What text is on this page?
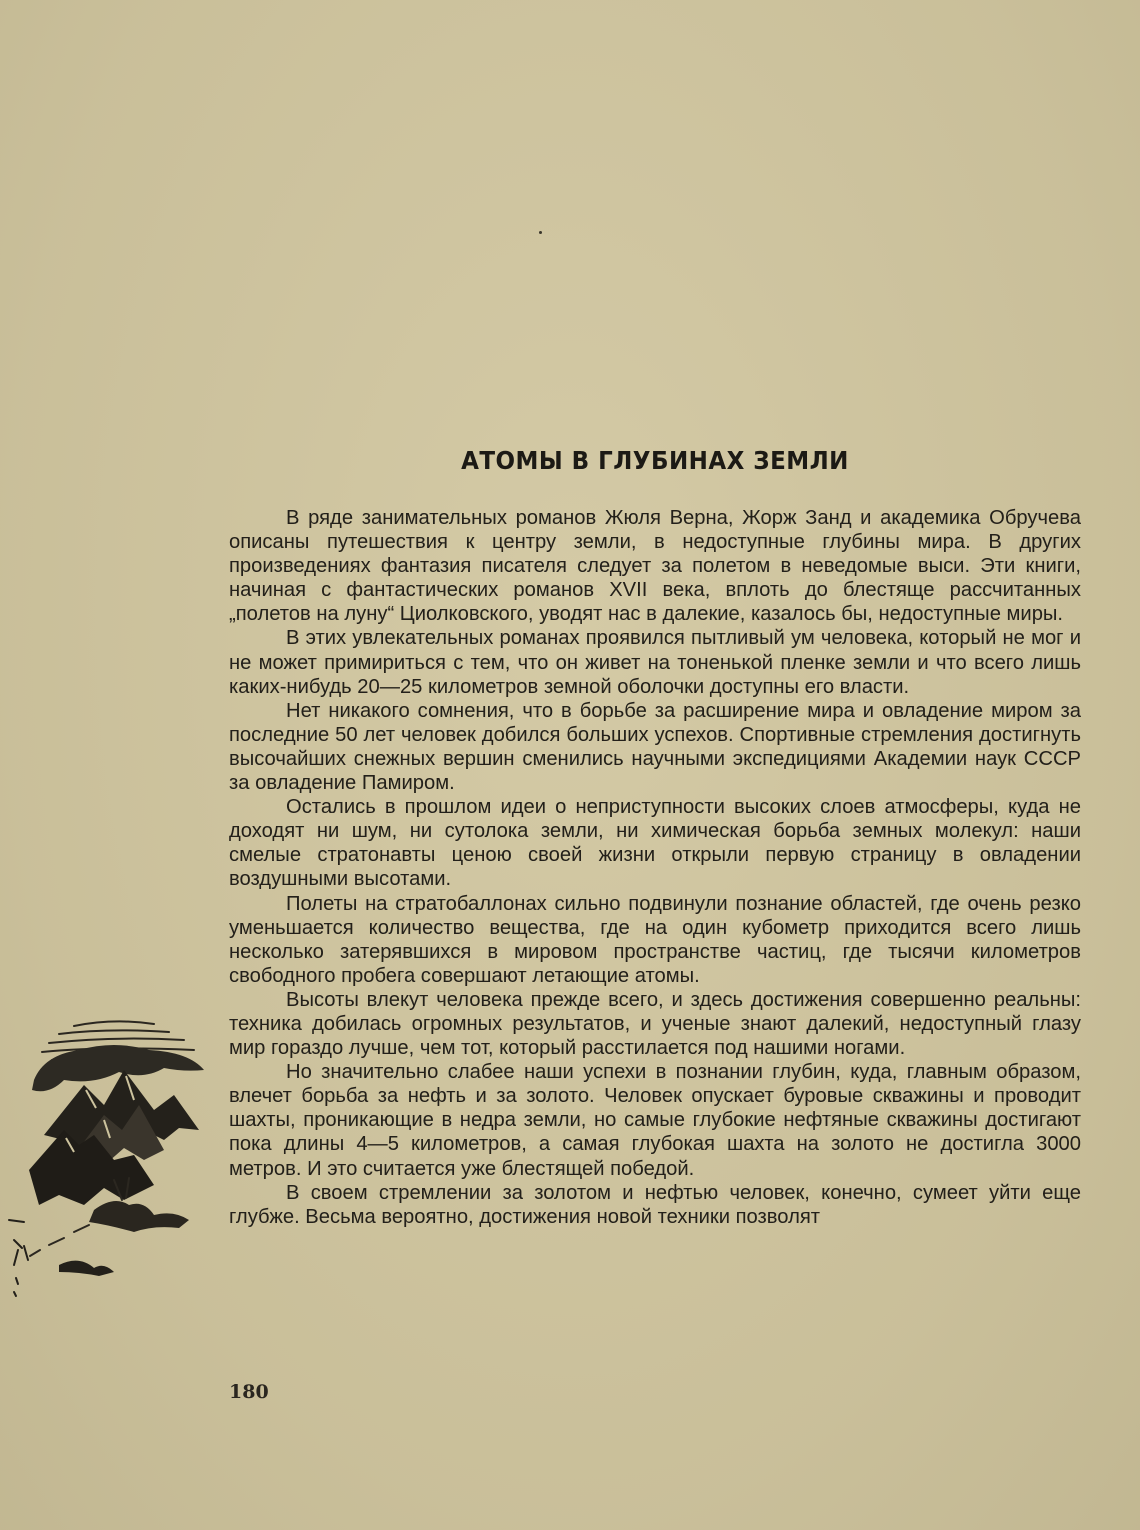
АТОМЫ В ГЛУБИНАХ ЗЕМЛИ

В ряде занимательных романов Жюля Верна, Жорж Занд и академика Обручева описаны путешествия к центру земли, в недоступные глубины мира. В других произведениях фантазия писателя следует за полетом в неведомые выси. Эти книги, начиная с фантастических романов XVII века, вплоть до блестяще рассчитанных „полетов на луну“ Циолковского, уводят нас в далекие, казалось бы, недоступные миры.

В этих увлекательных романах проявился пытливый ум человека, который не мог и не может примириться с тем, что он живет на тоненькой пленке земли и что всего лишь каких-нибудь 20—25 километров земной оболочки доступны его власти.

Нет никакого сомнения, что в борьбе за расширение мира и овладение миром за последние 50 лет человек добился больших успехов. Спортивные стремления достигнуть высочайших снежных вершин сменились научными экспедициями Академии наук СССР за овладение Памиром.

Остались в прошлом идеи о неприступности высоких слоев атмосферы, куда не доходят ни шум, ни сутолока земли, ни химическая борьба земных молекул: наши смелые стратонавты ценою своей жизни открыли первую страницу в овладении воздушными высотами.

Полеты на стратобаллонах сильно подвинули познание областей, где очень резко уменьшается количество вещества, где на один кубометр приходится всего лишь несколько затерявшихся в мировом пространстве частиц, где тысячи километров свободного пробега совершают летающие атомы.

Высоты влекут человека прежде всего, и здесь достижения совершенно реальны: техника добилась огромных результатов, и ученые знают далекий, недоступный глазу мир гораздо лучше, чем тот, который расстилается под нашими ногами.

Но значительно слабее наши успехи в познании глубин, куда, главным образом, влечет борьба за нефть и за золото. Человек опускает буровые скважины и проводит шахты, проникающие в недра земли, но самые глубокие нефтяные скважины достигают пока длины 4—5 километров, а самая глубокая шахта на золото не достигла 3000 метров. И это считается уже блестящей победой.

В своем стремлении за золотом и нефтью человек, конечно, сумеет уйти еще глубже. Весьма вероятно, достижения новой техники позволят

180
